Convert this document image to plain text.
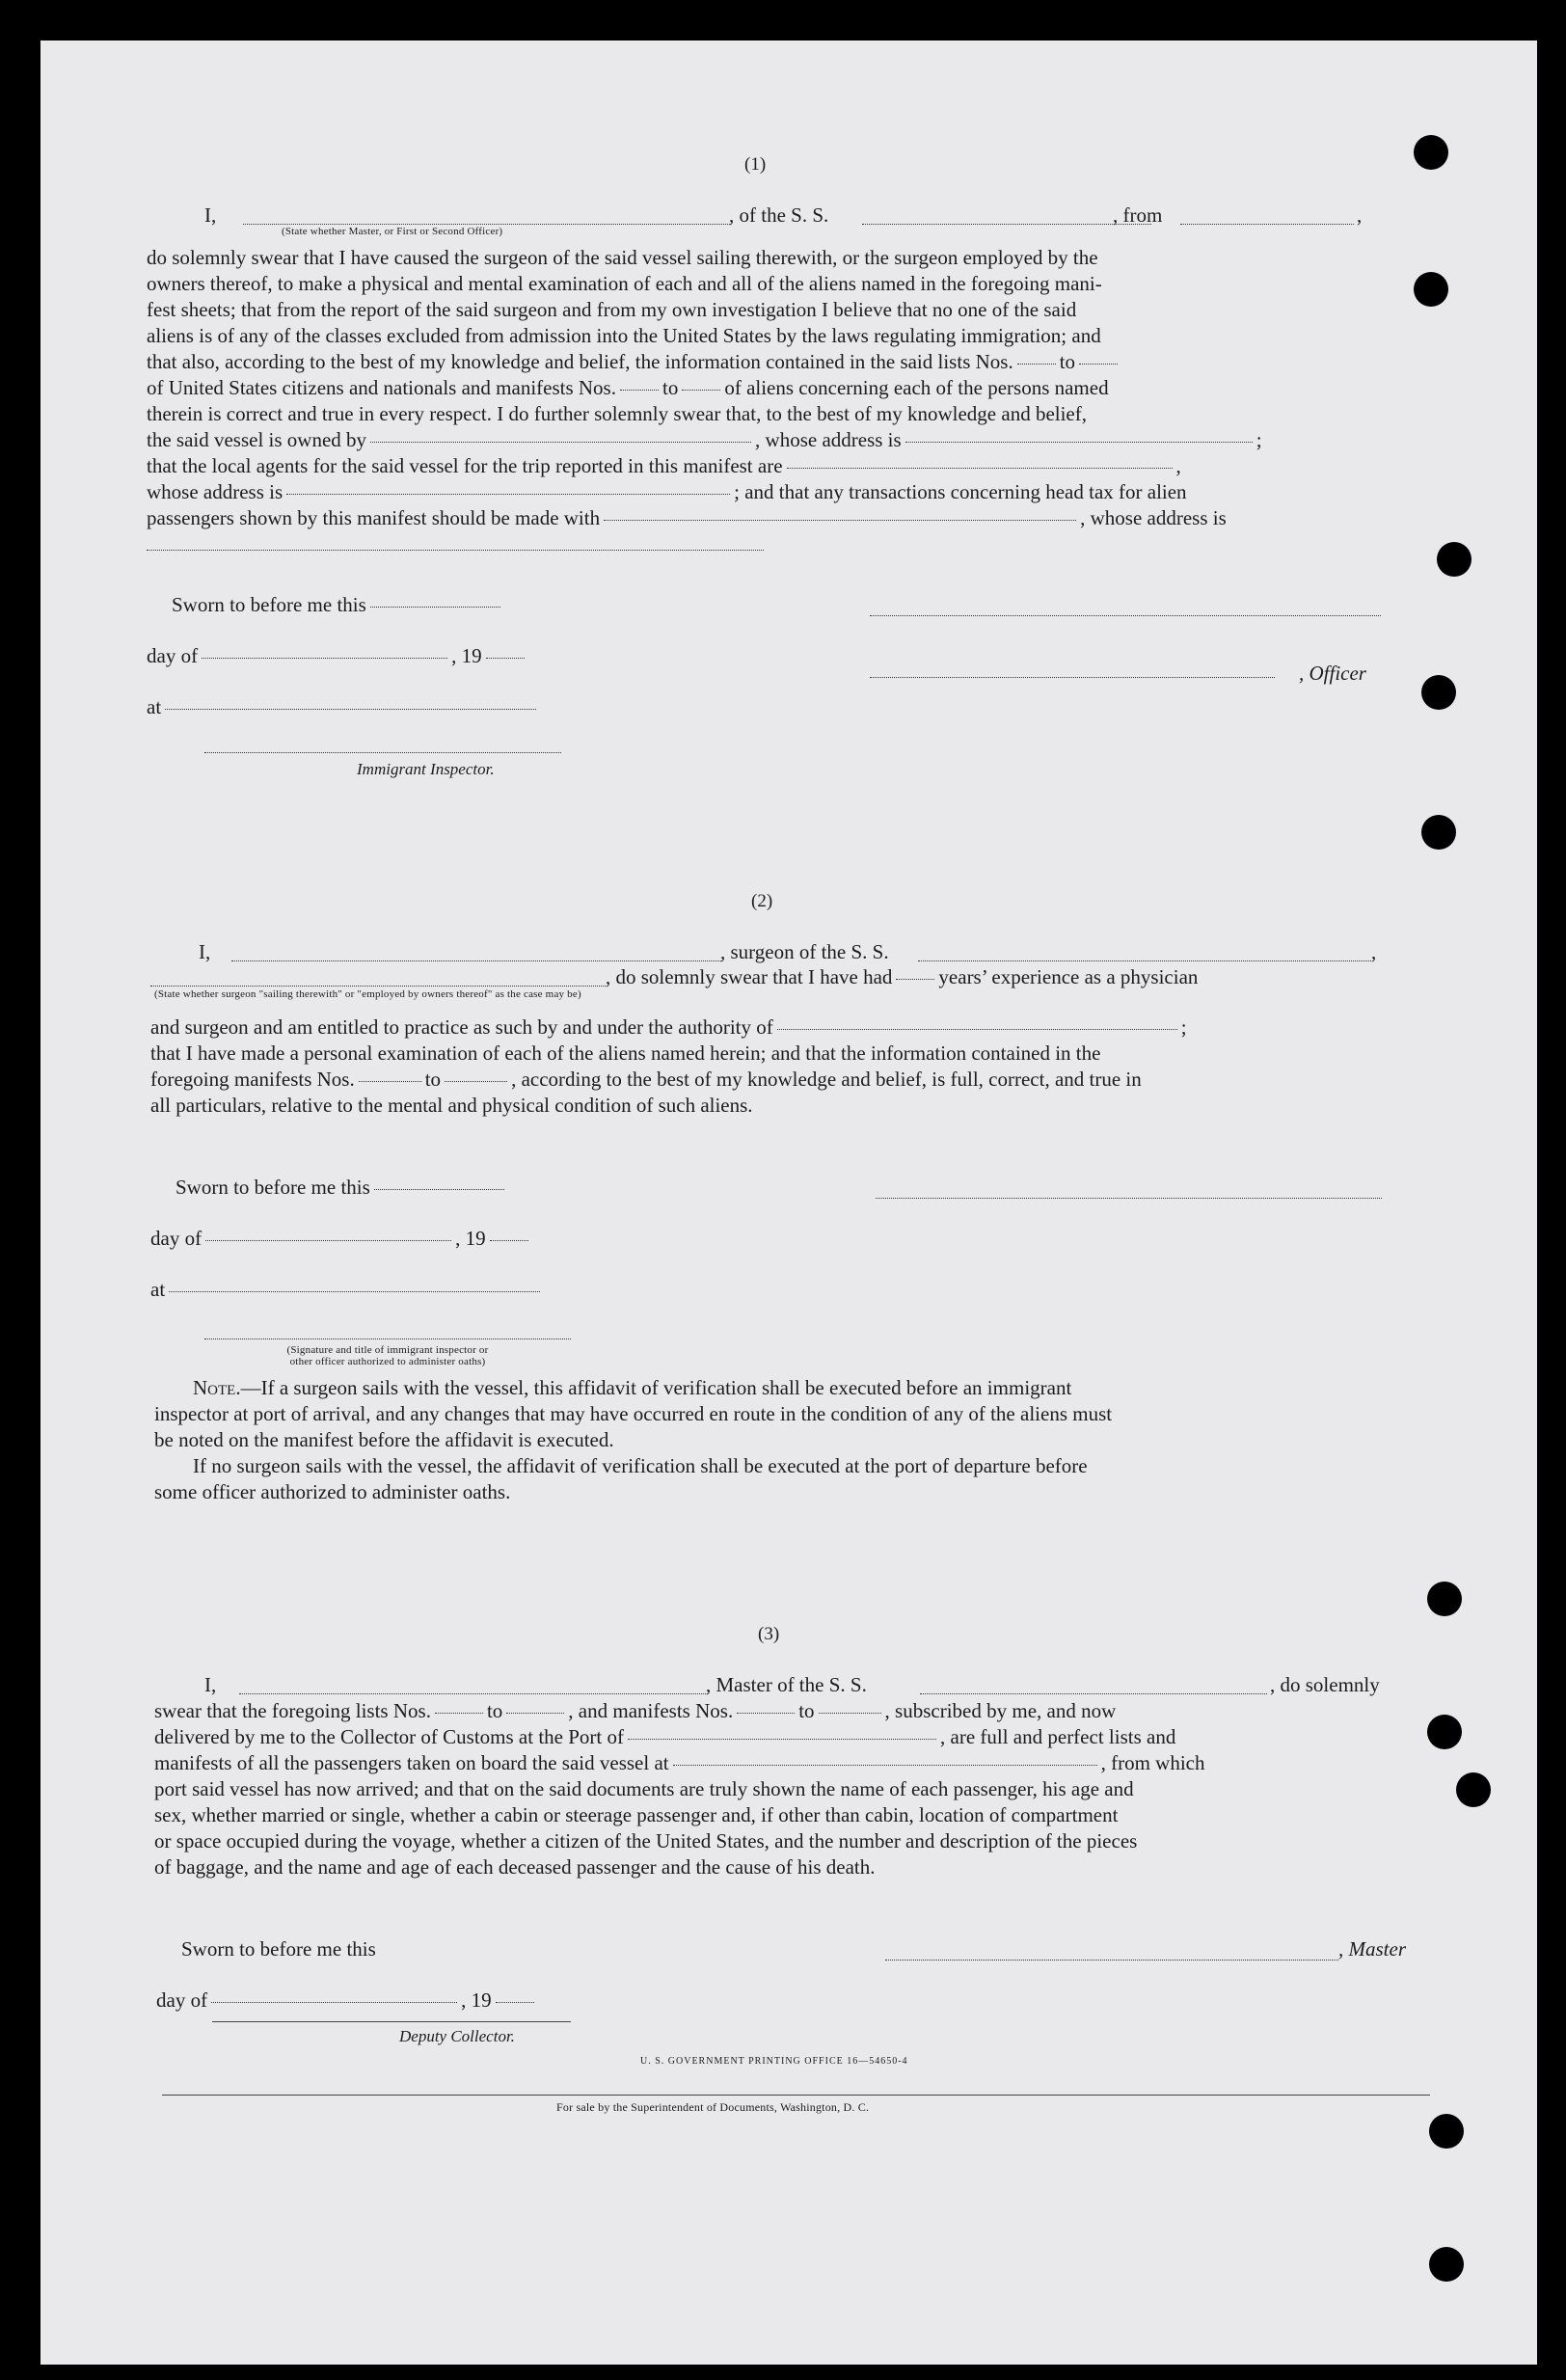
(1)
I,	, of the S. S.	, from	,
(State whether Master, or First or Second Officer)
do solemnly swear that I have caused the surgeon of the said vessel sailing therewith, or the surgeon employed by the
owners thereof, to make a physical and mental examination of each and all of the aliens named in the foregoing mani-
fest sheets; that from the report of the said surgeon and from my own investigation I believe that no one of the said
aliens is of any of the classes excluded from admission into the United States by the laws regulating immigration; and
that also, according to the best of my knowledge and belief, the information contained in the said lists Nos. to
of United States citizens and nationals and manifests Nos. to of aliens concerning each of the persons named
therein is correct and true in every respect. I do further solemnly swear that, to the best of my knowledge and belief,
the said vessel is owned by	, whose address is	;
that the local agents for the said vessel for the trip reported in this manifest are	,
whose address is	; and that any transactions concerning head tax for alien
passengers shown by this manifest should be made with	, whose address is
Sworn to before me this
day of	, 19
, Officer
at
Immigrant Inspector.
(2)
I,	, surgeon of the S. S.	,
, do solemnly swear that I have had years’ experience as a physician
(State whether surgeon "sailing therewith" or "employed by owners thereof" as the case may be)
and surgeon and am entitled to practice as such by and under the authority of	;
that I have made a personal examination of each of the aliens named herein; and that the information contained in the
foregoing manifests Nos.	to	, according to the best of my knowledge and belief, is full, correct, and true in
all particulars, relative to the mental and physical condition of such aliens.
Sworn to before me this
day of	, 19
at
(Signature and title of immigrant inspector or
other officer authorized to administer oaths)
Note.—If a surgeon sails with the vessel, this affidavit of verification shall be executed before an immigrant
inspector at port of arrival, and any changes that may have occurred en route in the condition of any of the aliens must
be noted on the manifest before the affidavit is executed.
If no surgeon sails with the vessel, the affidavit of verification shall be executed at the port of departure before
some officer authorized to administer oaths.
(3)
I,	, Master of the S. S.	, do solemnly
swear that the foregoing lists Nos.	to	, and manifests Nos.	to	, subscribed by me, and now
delivered by me to the Collector of Customs at the Port of	, are full and perfect lists and
manifests of all the passengers taken on board the said vessel at	, from which
port said vessel has now arrived; and that on the said documents are truly shown the name of each passenger, his age and
sex, whether married or single, whether a cabin or steerage passenger and, if other than cabin, location of compartment
or space occupied during the voyage, whether a citizen of the United States, and the number and description of the pieces
of baggage, and the name and age of each deceased passenger and the cause of his death.
Sworn to before me this	, Master
day of	, 19
Deputy Collector.
U. S. GOVERNMENT PRINTING OFFICE 16—54650-4
For sale by the Superintendent of Documents, Washington, D. C.
